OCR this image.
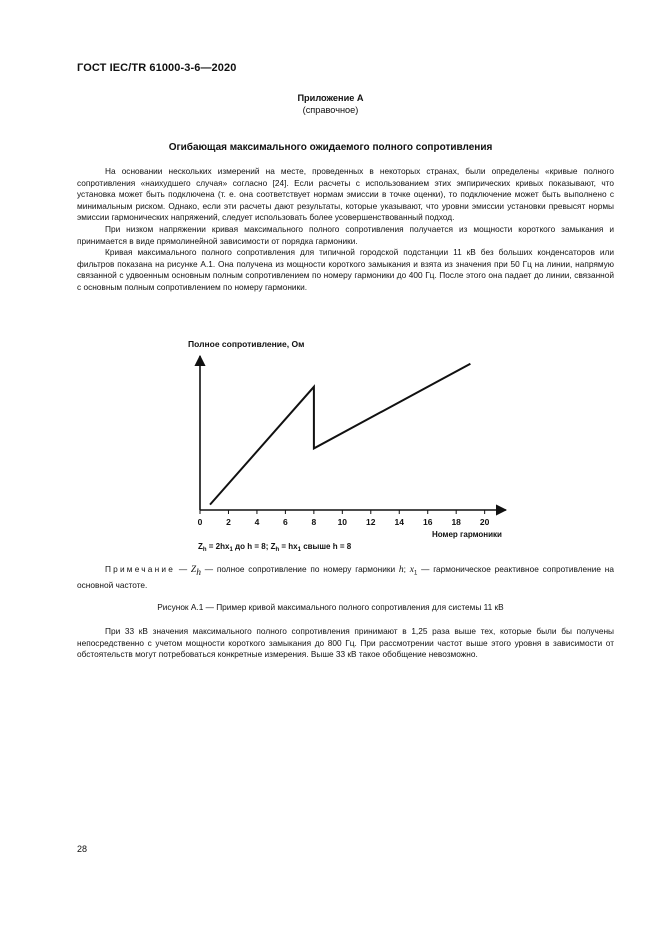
ГОСТ IEC/TR 61000-3-6—2020
Приложение А
(справочное)
Огибающая максимального ожидаемого полного сопротивления

На основании нескольких измерений на месте, проведенных в некоторых странах, были определены «кривые полного сопротивления «наихудшего случая» согласно [24]. Если расчеты с использованием этих эмпирических кривых показывают, что установка может быть подключена (т. е. она соответствует нормам эмиссии в точке оценки), то подключение может быть выполнено с минимальным риском. Однако, если эти расчеты дают результаты, которые указывают, что уровни эмиссии установки превысят нормы эмиссии гармонических напряжений, следует использовать более усовершенствованный подход.

При низком напряжении кривая максимального полного сопротивления получается из мощности короткого замыкания и принимается в виде прямолинейной зависимости от порядка гармоники.

Кривая максимального полного сопротивления для типичной городской подстанции 11 кВ без больших конденсаторов или фильтров показана на рисунке А.1. Она получена из мощности короткого замыкания и взята из значения при 50 Гц на линии, напрямую связанной с удвоенным основным полным сопротивлением по номеру гармоники до 400 Гц. После этого она падает до линии, связанной с основным полным сопротивлением по номеру гармоники.

Полное сопротивление, Ом
0	2	4	6	8	10 12 14 16 18 20
Номер гармоники
$Z_h = 2hx_1$ до h = 8; $Z_h = hx_1$ свыше h = 8
Примечание — $Z_h$ — полное сопротивление по номеру гармоники h; $x_1$ — гармоническое реактивное сопротивление на основной частоте.
Рисунок А.1 — Пример кривой максимального полного сопротивления для системы 11 кВ

При 33 кВ значения максимального полного сопротивления принимают в 1,25 раза выше тех, которые были бы получены непосредственно с учетом мощности короткого замыкания до 800 Гц. При рассмотрении частот выше этого уровня в зависимости от обстоятельств могут потребоваться конкретные измерения. Выше 33 кВ такое обобщение невозможно.

28
